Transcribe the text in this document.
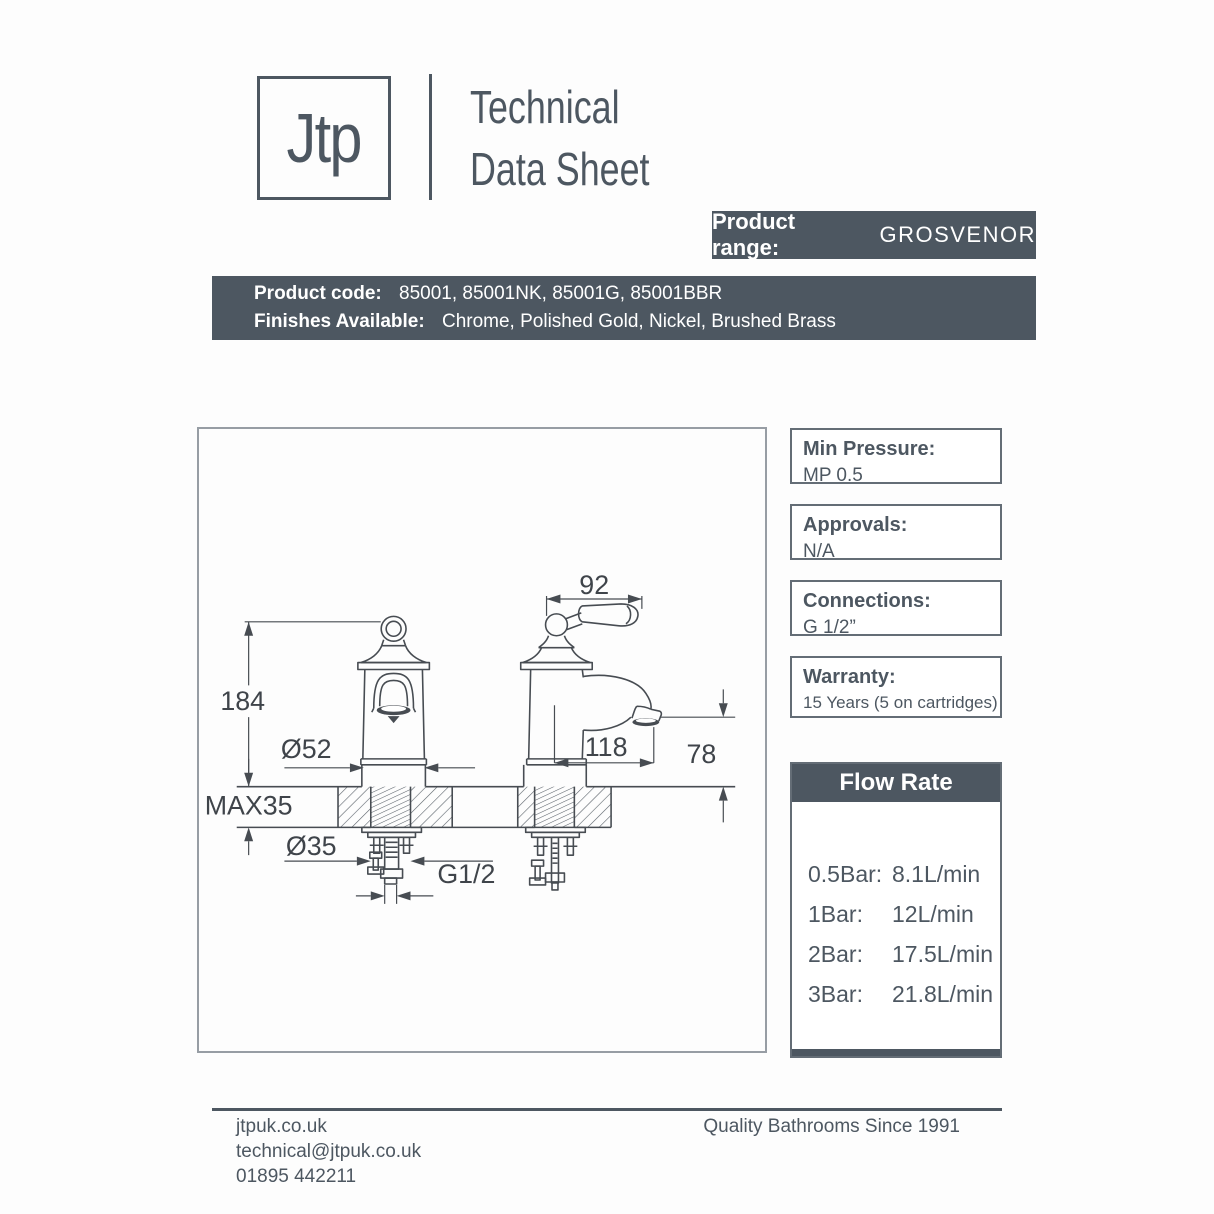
Jtp Technical
Data Sheet
Product range:
GROSVENOR
Product code: 85001, 85001NK, 85001G, 85001BBR
Finishes Available: Chrome, Polished Gold, Nickel, Brushed Brass
184
Ø52
MAX35
Ø35
G1/2
92
118 78
Min Pressure:
MP 0.5
Approvals:
N/A
Connections:
G 1/2”
Warranty:
15 Years (5 on cartridges)
Flow Rate
0.5Bar: 8.1L/min
1Bar:	12L/min
2Bar:	17.5L/min
3Bar:	21.8L/min
jtpuk.co.uk
technical@jtpuk.co.uk
01895 442211
Quality Bathrooms Since 1991
